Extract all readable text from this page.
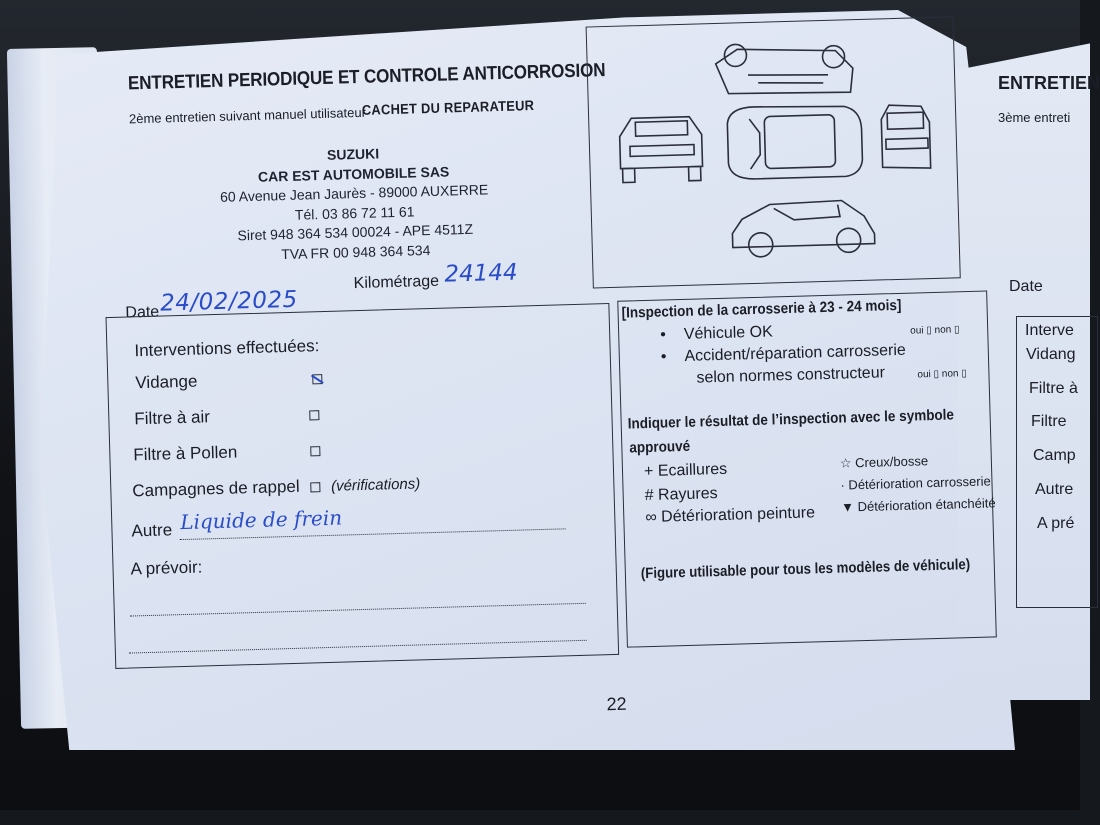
ENTRETIEN PERIODIQUE ET CONTROLE ANTICORROSION
2ème entretien suivant manuel utilisateur
CACHET DU REPARATEUR
SUZUKI
CAR EST AUTOMOBILE SAS
60 Avenue Jean Jaurès - 89000 AUXERRE
Tél. 03 86 72 11 61
Siret 948 364 534 00024 - APE 4511Z
TVA FR 00 948 364 534
Date 24/02/2025
Kilométrage 24144
Interventions effectuées:
Vidange
Filtre à air
Filtre à Pollen
Campagnes de rappel (vérifications)
Autre Liquide de frein
A prévoir:
[Inspection de la carrosserie à 23 - 24 mois]
• Véhicule OK	oui ▯ non ▯
• Accident/réparation carrosserie
selon normes constructeur	oui ▯ non ▯
Indiquer le résultat de l’inspection avec le symbole
approuvé
+ Ecaillures
# Rayures
∞ Détérioration peinture
☆ Creux/bosse
· Détérioration carrosserie
▼ Détérioration étanchéité
(Figure utilisable pour tous les modèles de véhicule)
22
ENTRETIEN
3ème entreti
Date
Interve
Vidang
Filtre à
Filtre
Camp
Autre
A pré
